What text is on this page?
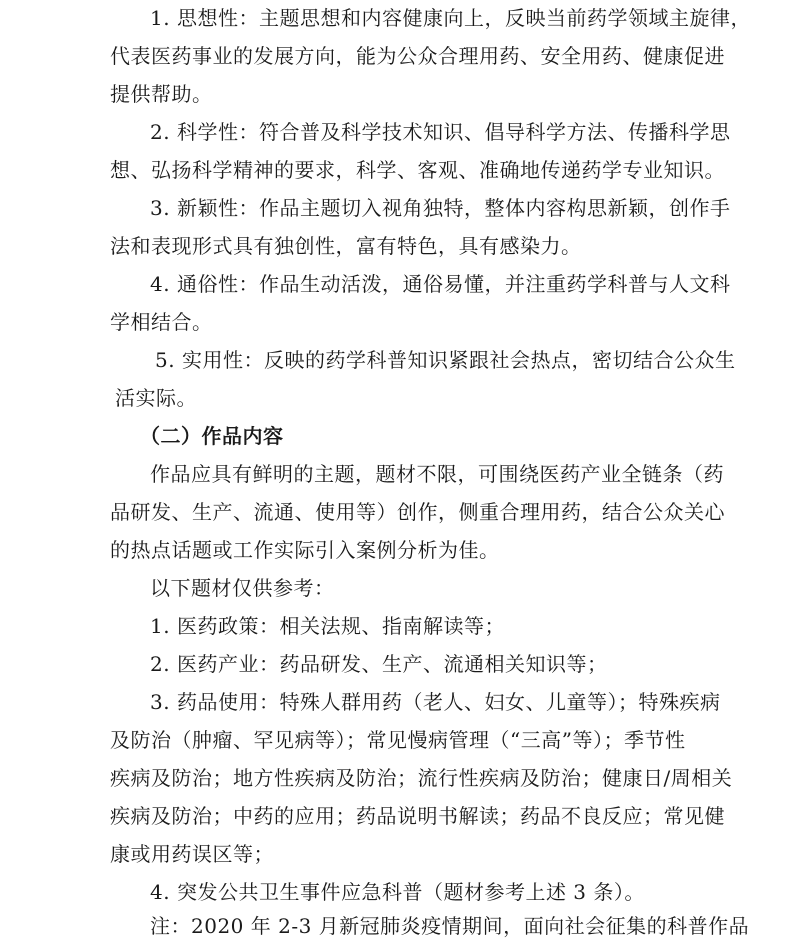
1. 思想性：主题思想和内容健康向上，反映当前药学领域主旋律，
代表医药事业的发展方向，能为公众合理用药、安全用药、健康促进
提供帮助。
2. 科学性：符合普及科学技术知识、倡导科学方法、传播科学思
想、弘扬科学精神的要求，科学、客观、准确地传递药学专业知识。
3. 新颖性：作品主题切入视角独特，整体内容构思新颖，创作手
法和表现形式具有独创性，富有特色，具有感染力。
4. 通俗性：作品生动活泼，通俗易懂，并注重药学科普与人文科
学相结合。
5. 实用性：反映的药学科普知识紧跟社会热点，密切结合公众生
活实际。
（二）作品内容
作品应具有鲜明的主题，题材不限，可围绕医药产业全链条（药
品研发、生产、流通、使用等）创作，侧重合理用药，结合公众关心
的热点话题或工作实际引入案例分析为佳。
以下题材仅供参考：
1. 医药政策：相关法规、指南解读等；
2. 医药产业：药品研发、生产、流通相关知识等；
3. 药品使用：特殊人群用药（老人、妇女、儿童等）；特殊疾病
及防治（肿瘤、罕见病等）；常见慢病管理（“三高”等）；季节性
疾病及防治；地方性疾病及防治；流行性疾病及防治；健康日/周相关
疾病及防治；中药的应用；药品说明书解读；药品不良反应；常见健
康或用药误区等；
4. 突发公共卫生事件应急科普（题材参考上述 3 条）。
注：2020 年 2-3 月新冠肺炎疫情期间，面向社会征集的科普作品
